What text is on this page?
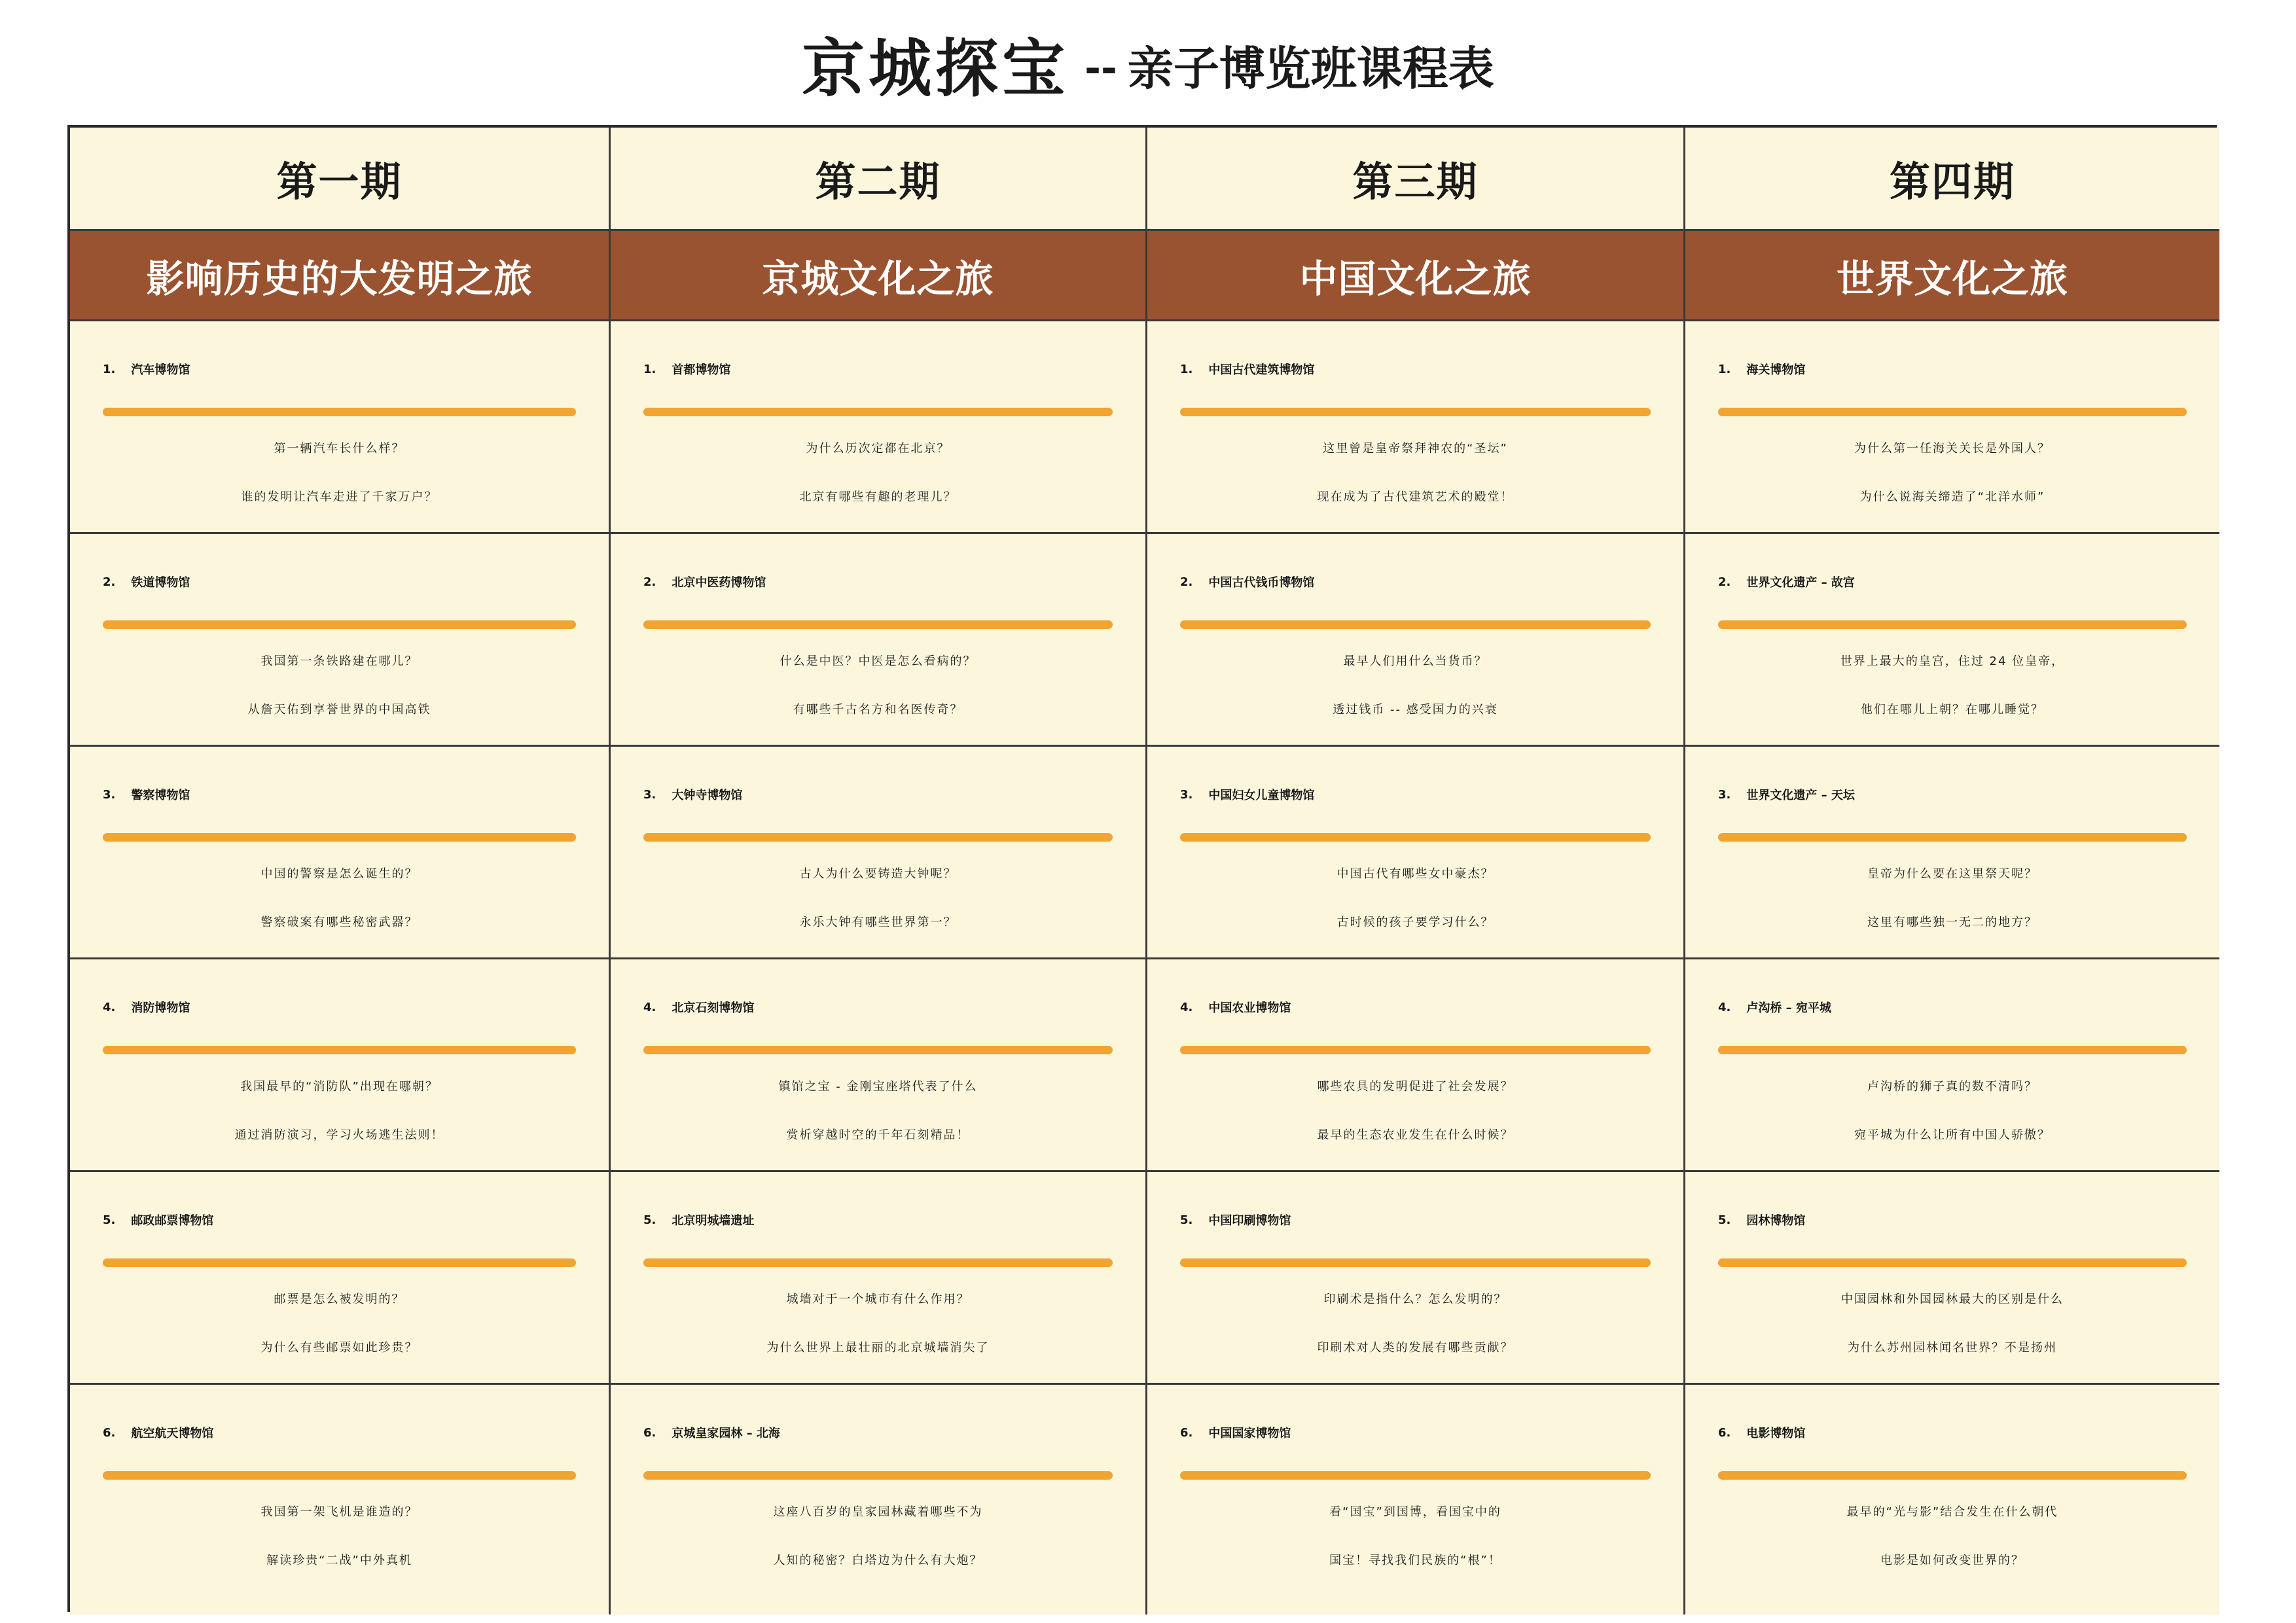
京城探宝 -- 亲子博览班课程表
第一期	第二期	第三期	第四期
影响历史的大发明之旅	京城文化之旅	中国文化之旅	世界文化之旅
1. 汽车博物馆
第一辆汽车长什么样？
谁的发明让汽车走进了千家万户？
1. 首都博物馆
为什么历次定都在北京？
北京有哪些有趣的老理儿？
1. 中国古代建筑博物馆
这里曾是皇帝祭拜神农的“圣坛”
现在成为了古代建筑艺术的殿堂！
1. 海关博物馆
为什么第一任海关关长是外国人？
为什么说海关缔造了“北洋水师”
2. 铁道博物馆
我国第一条铁路建在哪儿？
从詹天佑到享誉世界的中国高铁
2. 北京中医药博物馆
什么是中医？中医是怎么看病的？
有哪些千古名方和名医传奇？
2. 中国古代钱币博物馆
最早人们用什么当货币？
透过钱币 -- 感受国力的兴衰
2. 世界文化遗产 – 故宫
世界上最大的皇宫，住过 24 位皇帝，
他们在哪儿上朝？在哪儿睡觉？
3. 警察博物馆
中国的警察是怎么诞生的？
警察破案有哪些秘密武器？
3. 大钟寺博物馆
古人为什么要铸造大钟呢？
永乐大钟有哪些世界第一？
3. 中国妇女儿童博物馆
中国古代有哪些女中豪杰？
古时候的孩子要学习什么？
3. 世界文化遗产 – 天坛
皇帝为什么要在这里祭天呢？
这里有哪些独一无二的地方？
4. 消防博物馆
我国最早的“消防队”出现在哪朝？
通过消防演习，学习火场逃生法则！
4. 北京石刻博物馆
镇馆之宝 - 金刚宝座塔代表了什么
赏析穿越时空的千年石刻精品！
4. 中国农业博物馆
哪些农具的发明促进了社会发展？
最早的生态农业发生在什么时候？
4. 卢沟桥 – 宛平城
卢沟桥的狮子真的数不清吗？
宛平城为什么让所有中国人骄傲？
5. 邮政邮票博物馆
邮票是怎么被发明的？
为什么有些邮票如此珍贵？
5. 北京明城墙遗址
城墙对于一个城市有什么作用？
为什么世界上最壮丽的北京城墙消失了
5. 中国印刷博物馆
印刷术是指什么？怎么发明的？
印刷术对人类的发展有哪些贡献？
5. 园林博物馆
中国园林和外国园林最大的区别是什么
为什么苏州园林闻名世界？不是扬州
6. 航空航天博物馆
我国第一架飞机是谁造的？
解读珍贵“二战”中外真机
6. 京城皇家园林 – 北海
这座八百岁的皇家园林藏着哪些不为
人知的秘密？白塔边为什么有大炮？
6. 中国国家博物馆
看“国宝”到国博，看国宝中的
国宝！寻找我们民族的“根”！
6. 电影博物馆
最早的“光与影”结合发生在什么朝代
电影是如何改变世界的？
